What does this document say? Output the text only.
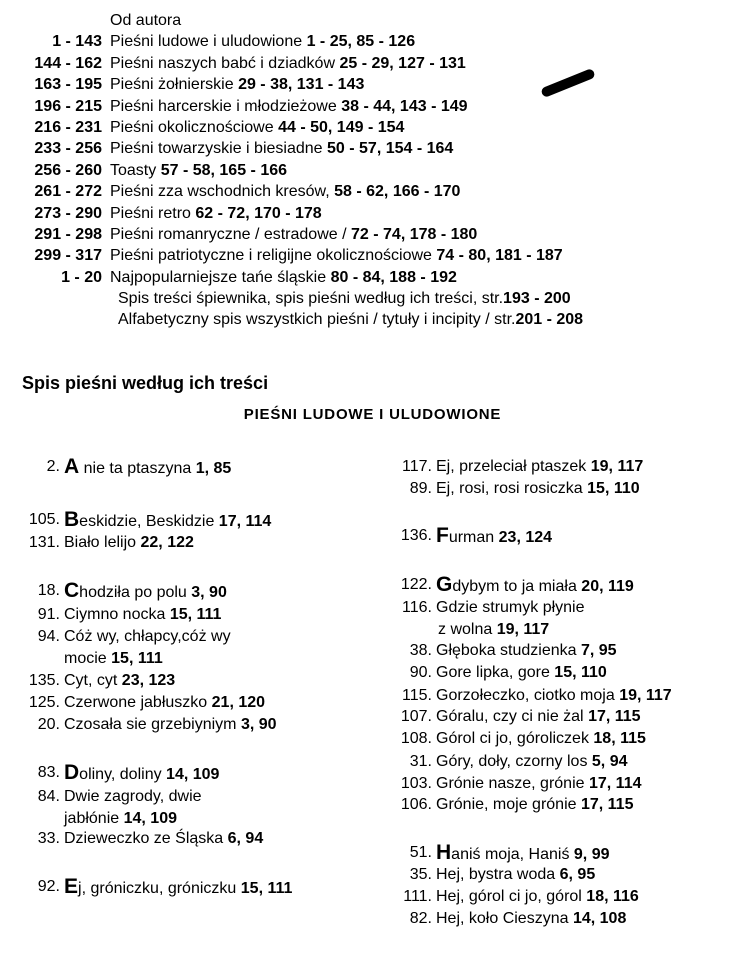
Od autora
1 - 143 Pieśni ludowe i uludowione 1 - 25, 85 - 126
144 - 162 Pieśni naszych babć i dziadków 25 - 29, 127 - 131
163 - 195 Pieśni żołnierskie 29 - 38, 131 - 143
196 - 215 Pieśni harcerskie i młodzieżowe 38 - 44, 143 - 149
216 - 231 Pieśni okolicznościowe 44 - 50, 149 - 154
233 - 256 Pieśni towarzyskie i biesiadne 50 - 57, 154 - 164
256 - 260 Toasty 57 - 58, 165 - 166
261 - 272 Pieśni zza wschodnich kresów, 58 - 62, 166 - 170
273 - 290 Pieśni retro 62 - 72, 170 - 178
291 - 298 Pieśni romanryczne / estradowe / 72 - 74, 178 - 180
299 - 317 Pieśni patriotyczne i religijne okolicznościowe 74 - 80, 181 - 187
1 - 20 Najpopularniejsze tańe śląskie 80 - 84, 188 - 192
Spis treści śpiewnika, spis pieśni według ich treści, str.193 - 200
Alfabetyczny spis wszystkich pieśni / tytuły i incipity / str.201 - 208
Spis pieśni według ich treści
PIEŚNI LUDOWE I ULUDOWIONE
2. A nie ta ptaszyna 1, 85
105. Beskidzie, Beskidzie 17, 114
131. Biało lelijo 22, 122
18. Chodziła po polu 3, 90
91. Ciymno nocka 15, 111
94. Cóż wy, chłapcy,cóż wy
mocie 15, 111
135. Cyt, cyt 23, 123
125. Czerwone jabłuszko 21, 120
20. Czosała sie grzebiyniym 3, 90
83. Doliny, doliny 14, 109
84. Dwie zagrody, dwie
jabłónie 14, 109
33. Dzieweczko ze Śląska 6, 94
92. Ej, gróniczku, gróniczku 15, 111
117. Ej, przeleciał ptaszek 19, 117
89. Ej, rosi, rosi rosiczka 15, 110
136. Furman 23, 124
122. Gdybym to ja miała 20, 119
116. Gdzie strumyk płynie
z wolna 19, 117
38. Głęboka studzienka 7, 95
90. Gore lipka, gore 15, 110
115. Gorzołeczko, ciotko moja 19, 117
107. Góralu, czy ci nie żal 17, 115
108. Górol ci jo, góroliczek 18, 115
31. Góry, doły, czorny los 5, 94
103. Grónie nasze, grónie 17, 114
106. Grónie, moje grónie 17, 115
51. Haniś moja, Haniś 9, 99
35. Hej, bystra woda 6, 95
111. Hej, górol ci jo, górol 18, 116
82. Hej, koło Cieszyna 14, 108
